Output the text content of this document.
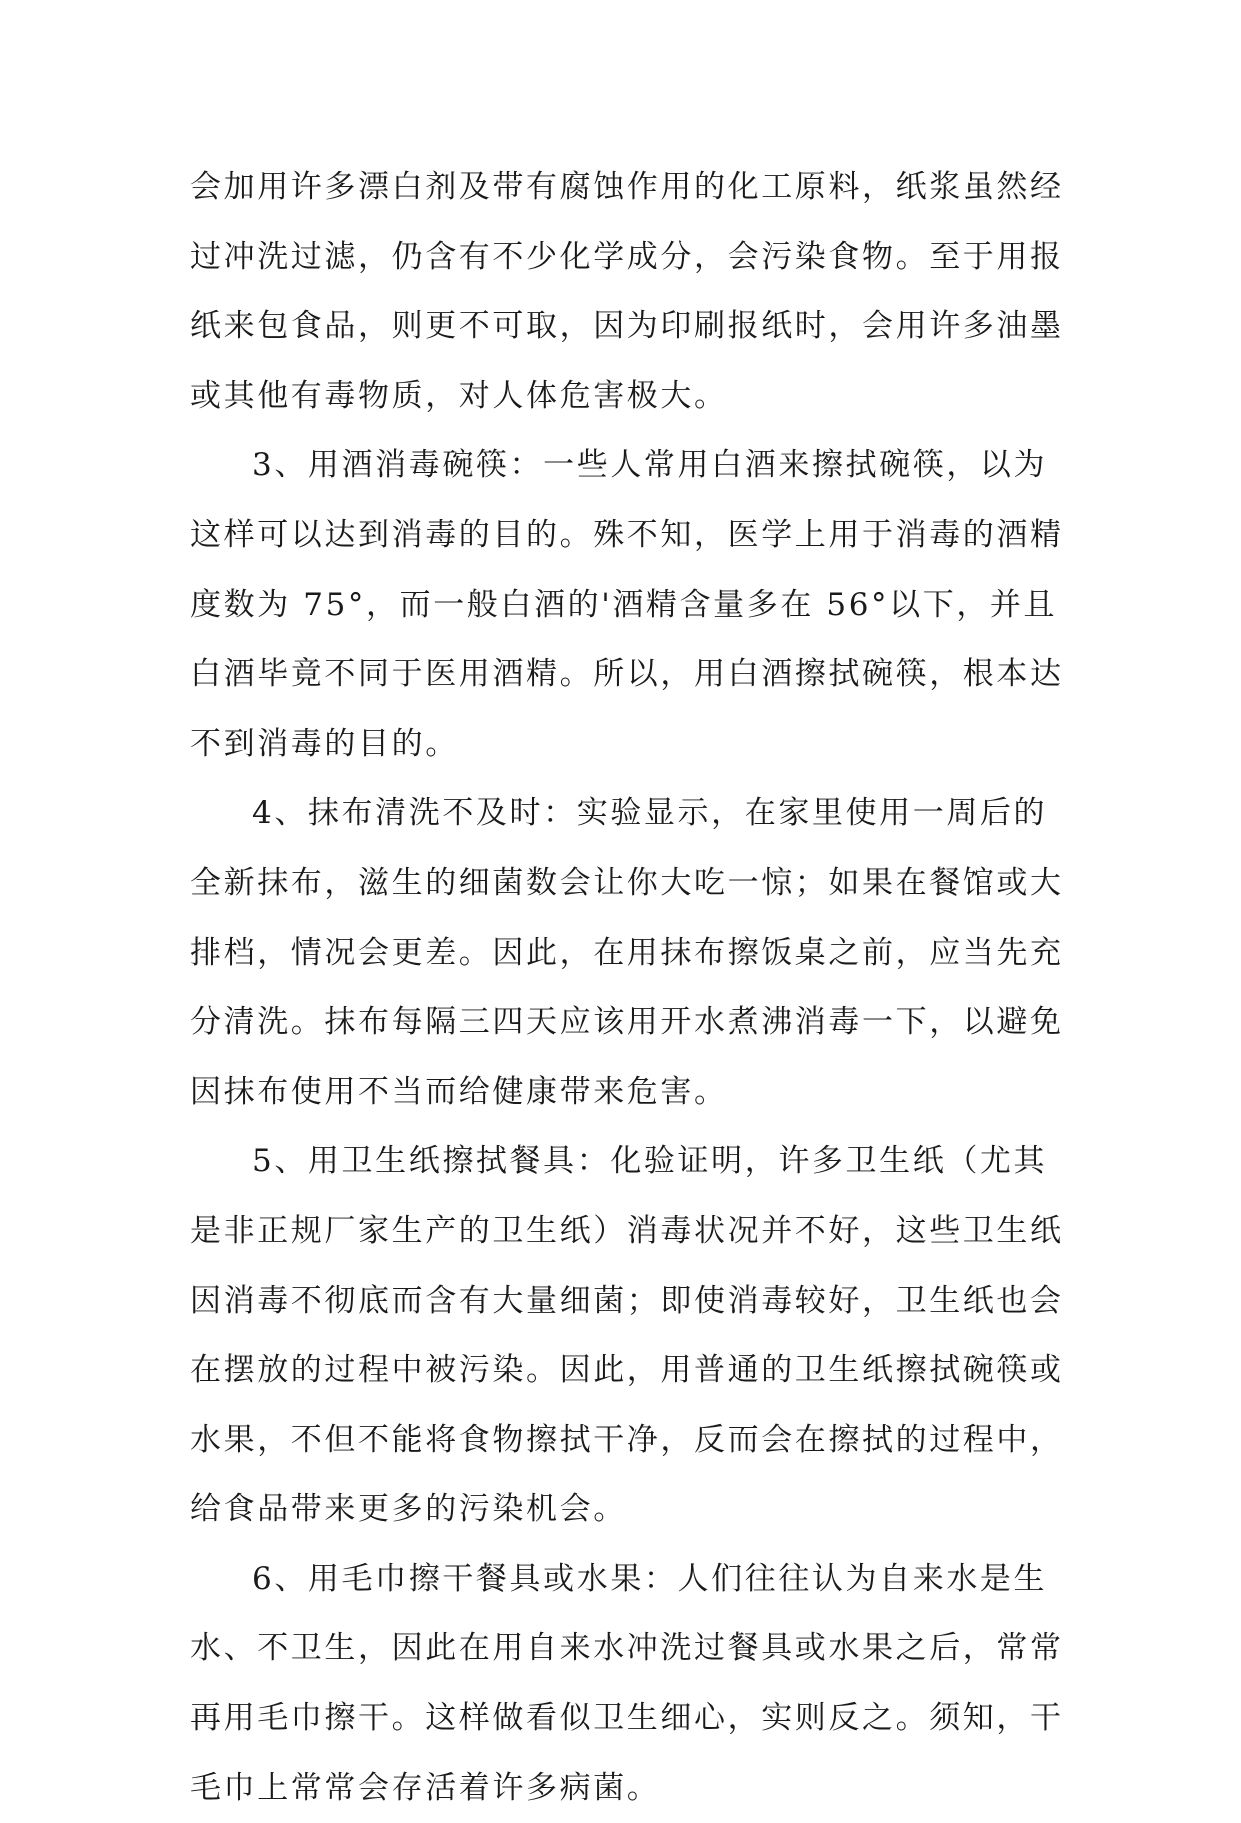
会加用许多漂白剂及带有腐蚀作用的化工原料，纸浆虽然经
过冲洗过滤，仍含有不少化学成分，会污染食物。至于用报
纸来包食品，则更不可取，因为印刷报纸时，会用许多油墨
或其他有毒物质，对人体危害极大。
3、用酒消毒碗筷：一些人常用白酒来擦拭碗筷，以为
这样可以达到消毒的目的。殊不知，医学上用于消毒的酒精
度数为 75°，而一般白酒的'酒精含量多在 56°以下，并且
白酒毕竟不同于医用酒精。所以，用白酒擦拭碗筷，根本达
不到消毒的目的。
4、抹布清洗不及时：实验显示，在家里使用一周后的
全新抹布，滋生的细菌数会让你大吃一惊；如果在餐馆或大
排档，情况会更差。因此，在用抹布擦饭桌之前，应当先充
分清洗。抹布每隔三四天应该用开水煮沸消毒一下，以避免
因抹布使用不当而给健康带来危害。
5、用卫生纸擦拭餐具：化验证明，许多卫生纸（尤其
是非正规厂家生产的卫生纸）消毒状况并不好，这些卫生纸
因消毒不彻底而含有大量细菌；即使消毒较好，卫生纸也会
在摆放的过程中被污染。因此，用普通的卫生纸擦拭碗筷或
水果，不但不能将食物擦拭干净，反而会在擦拭的过程中，
给食品带来更多的污染机会。
6、用毛巾擦干餐具或水果：人们往往认为自来水是生
水、不卫生，因此在用自来水冲洗过餐具或水果之后，常常
再用毛巾擦干。这样做看似卫生细心，实则反之。须知，干
毛巾上常常会存活着许多病菌。
